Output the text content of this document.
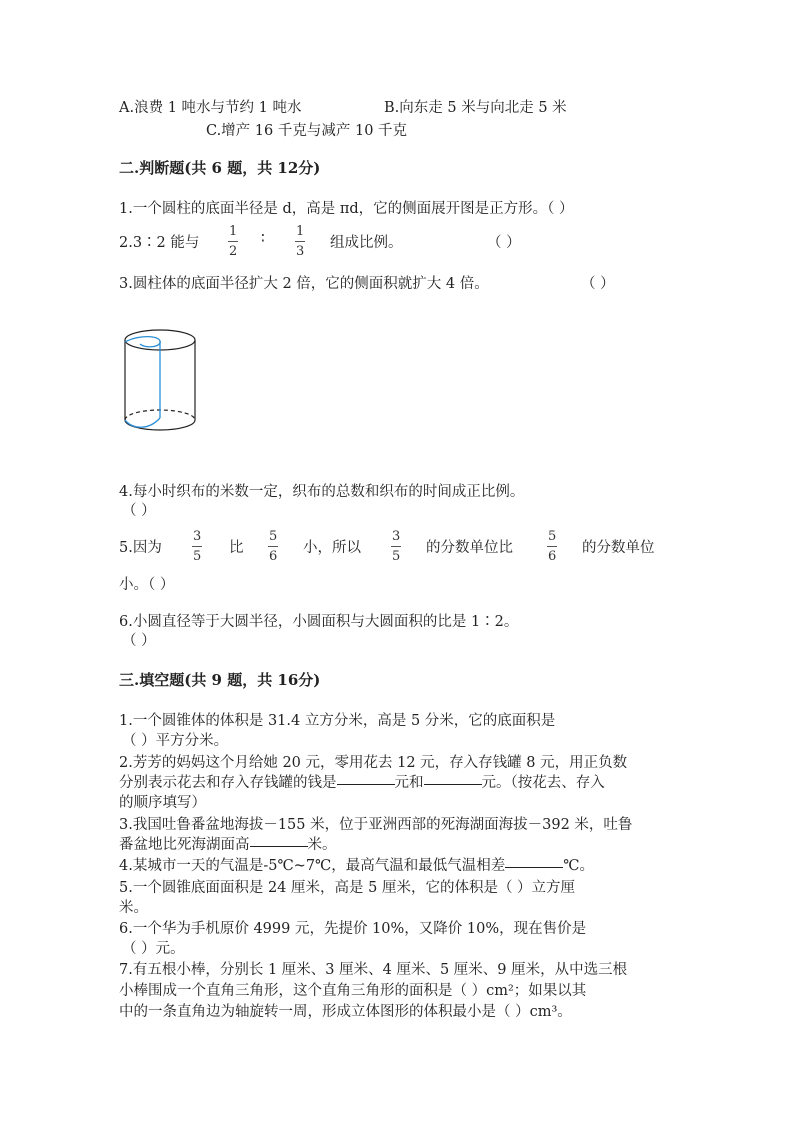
A.浪费 1 吨水与节约 1 吨水	B.向东走 5 米与向北走 5 米
C.增产 16 千克与减产 10 千克
二.判断题(共 6 题，共 12分)
1.一个圆柱的底面半径是 d，高是 πd，它的侧面展开图是正方形。（ ）
2.3∶2 能与
1
2
∶ 1
3
组成比例。	（ ）
3.圆柱体的底面半径扩大 2 倍，它的侧面积就扩大 4 倍。	（ ）
4.每小时织布的米数一定，织布的总数和织布的时间成正比例。
（ ）
5.因为
3
5
比
5
6
小，所以
3
5
的分数单位比
5
6
的分数单位
小。（ ）
6.小圆直径等于大圆半径，小圆面积与大圆面积的比是 1∶2。
（ ）
三.填空题(共 9 题，共 16分)
1.一个圆锥体的体积是 31.4 立方分米，高是 5 分米，它的底面积是
（ ）平方分米。
2.芳芳的妈妈这个月给她 20 元，零用花去 12 元，存入存钱罐 8 元，用正负数
分别表示花去和存入存钱罐的钱是	元和	元。（按花去、存入
的顺序填写）
3.我国吐鲁番盆地海拔－155 米，位于亚洲西部的死海湖面海拔－392 米，吐鲁
番盆地比死海湖面高	米。
4.某城市一天的气温是-5℃~7℃，最高气温和最低气温相差	℃。
5.一个圆锥底面面积是 24 厘米，高是 5 厘米，它的体积是（ ）立方厘
米。
6.一个华为手机原价 4999 元，先提价 10%，又降价 10%，现在售价是
（ ）元。
7.有五根小棒，分别长 1 厘米、3 厘米、4 厘米、5 厘米、9 厘米，从中选三根
小棒围成一个直角三角形，这个直角三角形的面积是（ ）cm²；如果以其
中的一条直角边为轴旋转一周，形成立体图形的体积最小是（ ）cm³。
